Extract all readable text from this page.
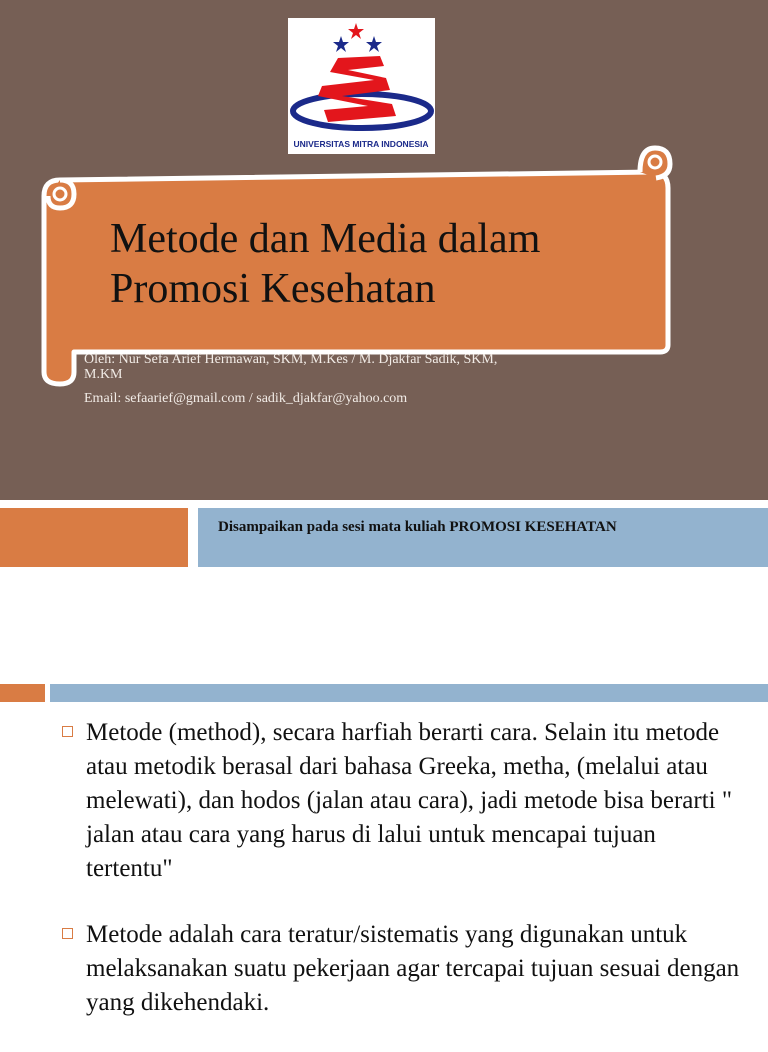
UNIVERSITAS MITRA INDONESIA
Metode dan Media dalam
Promosi Kesehatan
Oleh: Nur Sefa Arief Hermawan, SKM, M.Kes / M. Djakfar Sadik, SKM,
M.KM
Email: sefaarief@gmail.com / sadik_djakfar@yahoo.com
Disampaikan pada sesi mata kuliah PROMOSI KESEHATAN
Metode (method), secara harfiah berarti cara. Selain itu metode atau metodik berasal dari bahasa Greeka, metha, (melalui atau melewati), dan hodos (jalan atau cara), jadi metode bisa berarti " jalan atau cara yang harus di lalui untuk mencapai tujuan tertentu"
Metode adalah cara teratur/sistematis yang digunakan untuk melaksanakan suatu pekerjaan agar tercapai tujuan sesuai dengan yang dikehendaki.
